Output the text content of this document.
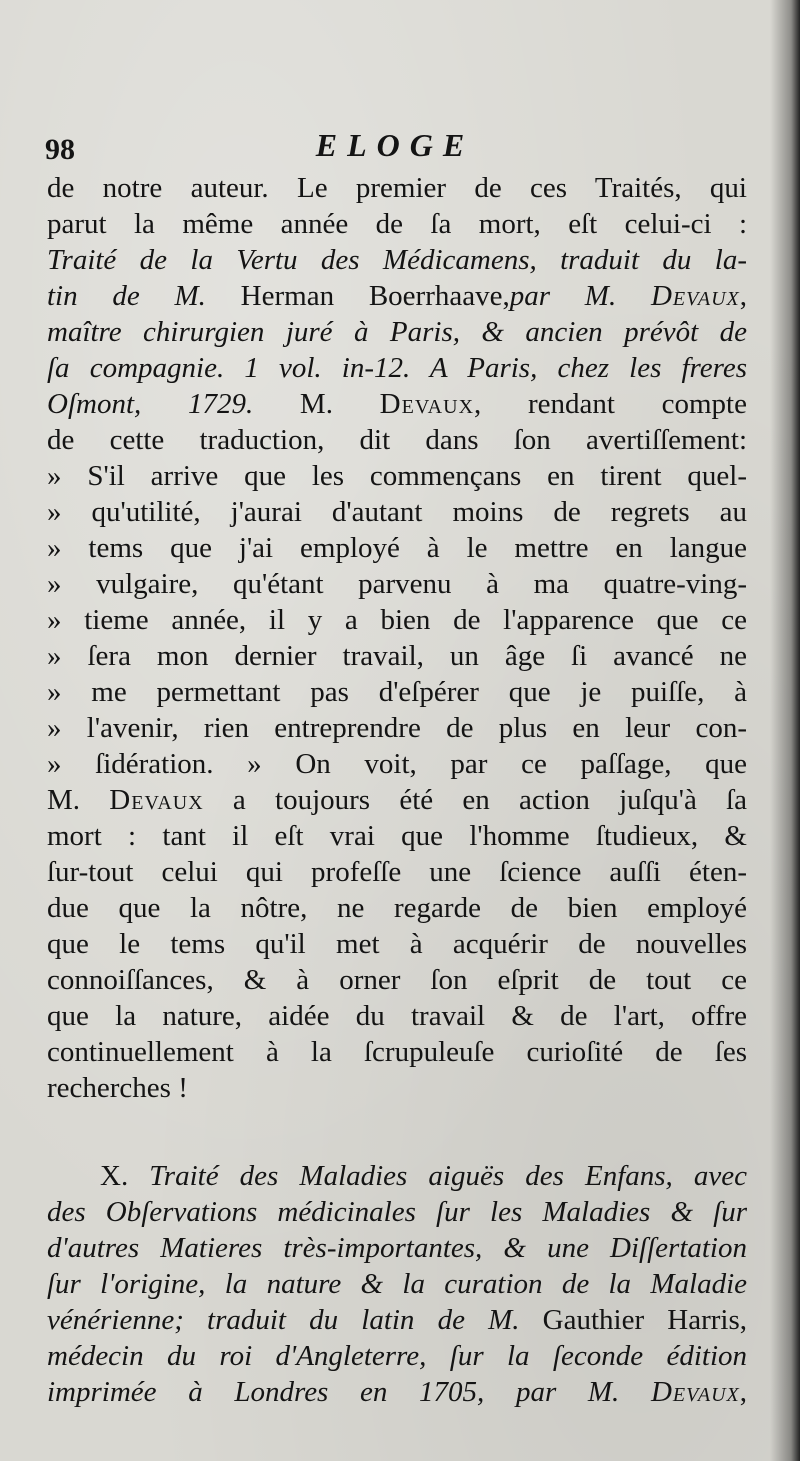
98	ELOGE
de notre auteur. Le premier de ces Traités, qui
parut la même année de ſa mort, eſt celui-ci :
Traité de la Vertu des Médicamens, traduit du la-
tin de M. Herman Boerrhaave,par M. Devaux,
maître chirurgien juré à Paris, & ancien prévôt de
ſa compagnie. 1 vol. in-12. A Paris, chez les freres
Oſmont, 1729. M. Devaux, rendant compte
de cette traduction, dit dans ſon avertiſſement:
» S'il arrive que les commençans en tirent quel-
» qu'utilité, j'aurai d'autant moins de regrets au
» tems que j'ai employé à le mettre en langue
» vulgaire, qu'étant parvenu à ma quatre-ving-
» tieme année, il y a bien de l'apparence que ce
» ſera mon dernier travail, un âge ſi avancé ne
» me permettant pas d'eſpérer que je puiſſe, à
» l'avenir, rien entreprendre de plus en leur con-
» ſidération. » On voit, par ce paſſage, que
M. Devaux a toujours été en action juſqu'à ſa
mort : tant il eſt vrai que l'homme ſtudieux, &
ſur-tout celui qui profeſſe une ſcience auſſi éten-
due que la nôtre, ne regarde de bien employé
que le tems qu'il met à acquérir de nouvelles
connoiſſances, & à orner ſon eſprit de tout ce
que la nature, aidée du travail & de l'art, offre
continuellement à la ſcrupuleuſe curioſité de ſes
recherches !
X. Traité des Maladies aiguës des Enfans, avec
des Obſervations médicinales ſur les Maladies & ſur
d'autres Matieres très-importantes, & une Diſſertation
ſur l'origine, la nature & la curation de la Maladie
vénérienne; traduit du latin de M. Gauthier Harris,
médecin du roi d'Angleterre, ſur la ſeconde édition
imprimée à Londres en 1705, par M. Devaux,
